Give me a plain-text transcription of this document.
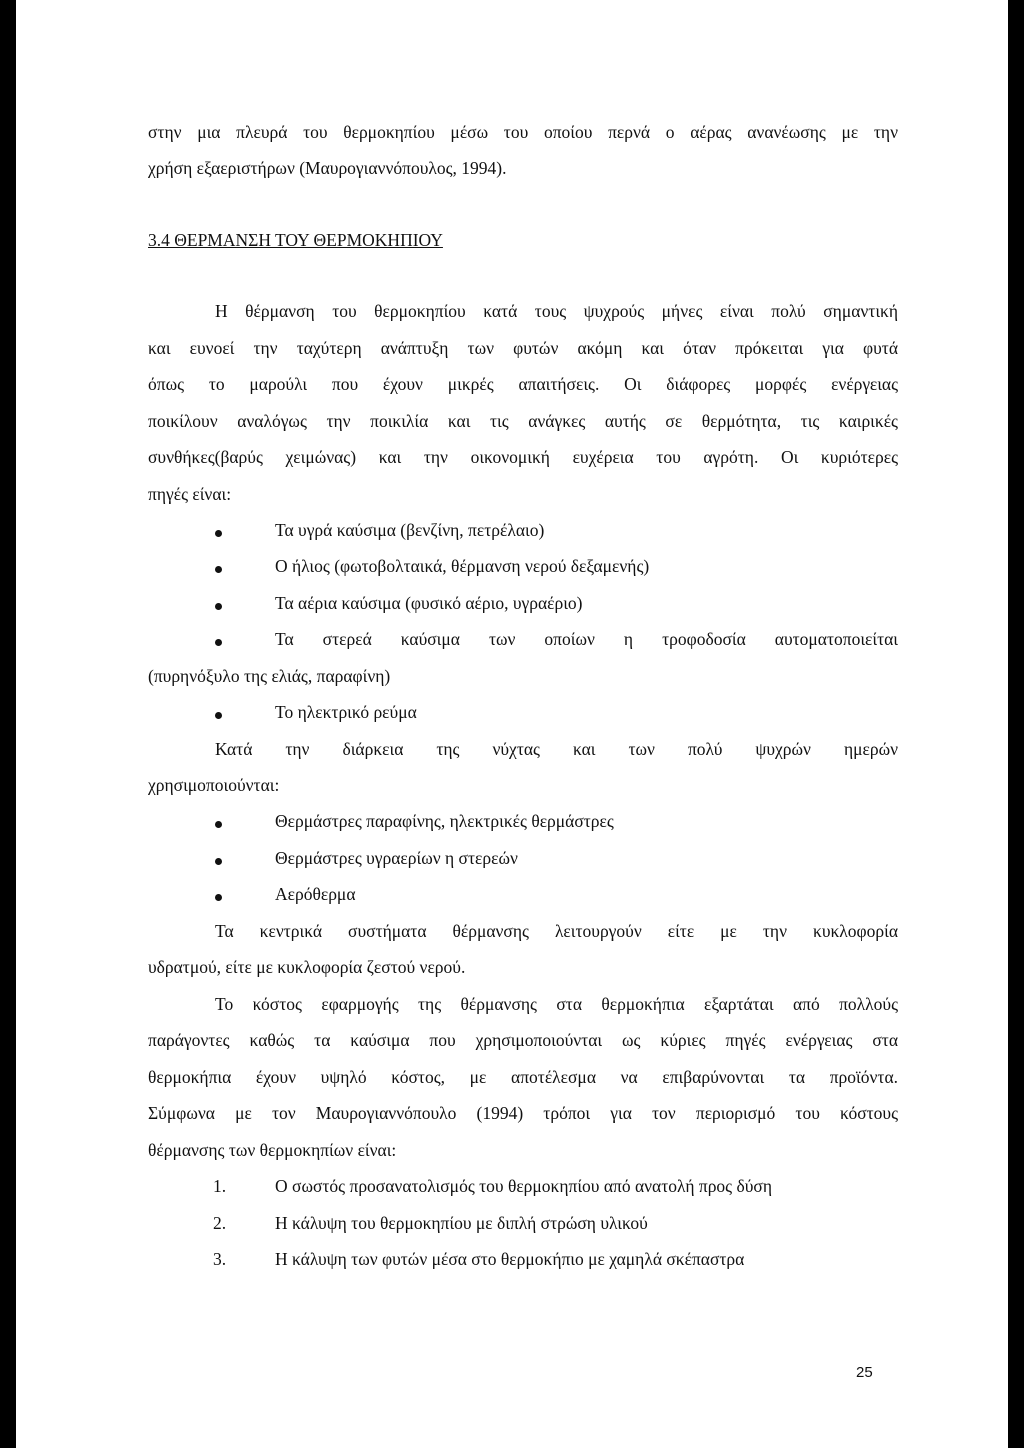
στην μια πλευρά του θερμοκηπίου μέσω του οποίου περνά ο αέρας ανανέωσης με την
χρήση εξαεριστήρων (Μαυρογιαννόπουλος, 1994).
3.4 ΘΕΡΜΑΝΣΗ ΤΟΥ ΘΕΡΜΟΚΗΠΙΟΥ
Η θέρμανση του θερμοκηπίου κατά τους ψυχρούς μήνες είναι πολύ σημαντική
και ευνοεί την ταχύτερη ανάπτυξη των φυτών ακόμη και όταν πρόκειται για φυτά
όπως το μαρούλι που έχουν μικρές απαιτήσεις. Οι διάφορες μορφές ενέργειας
ποικίλουν αναλόγως την ποικιλία και τις ανάγκες αυτής σε θερμότητα, τις καιρικές
συνθήκες(βαρύς χειμώνας) και την οικονομική ευχέρεια του αγρότη. Οι κυριότερες
πηγές είναι:
Τα υγρά καύσιμα (βενζίνη, πετρέλαιο)
Ο ήλιος (φωτοβολταικά, θέρμανση νερού δεξαμενής)
Τα αέρια καύσιμα (φυσικό αέριο, υγραέριο)
Τα στερεά καύσιμα των οποίων η τροφοδοσία αυτοματοποιείται
(πυρηνόξυλο της ελιάς, παραφίνη)
Το ηλεκτρικό ρεύμα
Κατά την διάρκεια της νύχτας και των πολύ ψυχρών ημερών
χρησιμοποιούνται:
Θερμάστρες παραφίνης, ηλεκτρικές θερμάστρες
Θερμάστρες υγραερίων η στερεών
Αερόθερμα
Τα κεντρικά συστήματα θέρμανσης λειτουργούν είτε με την κυκλοφορία
υδρατμού, είτε με κυκλοφορία ζεστού νερού.
Το κόστος εφαρμογής της θέρμανσης στα θερμοκήπια εξαρτάται από πολλούς
παράγοντες καθώς τα καύσιμα που χρησιμοποιούνται ως κύριες πηγές ενέργειας στα
θερμοκήπια έχουν υψηλό κόστος, με αποτέλεσμα να επιβαρύνονται τα προϊόντα.
Σύμφωνα με τον Μαυρογιαννόπουλο (1994) τρόποι για τον περιορισμό του κόστους
θέρμανσης των θερμοκηπίων είναι:
1.	Ο σωστός προσανατολισμός του θερμοκηπίου από ανατολή προς δύση
2.	Η κάλυψη του θερμοκηπίου με διπλή στρώση υλικού
3.	Η κάλυψη των φυτών μέσα στο θερμοκήπιο με χαμηλά σκέπαστρα
25
